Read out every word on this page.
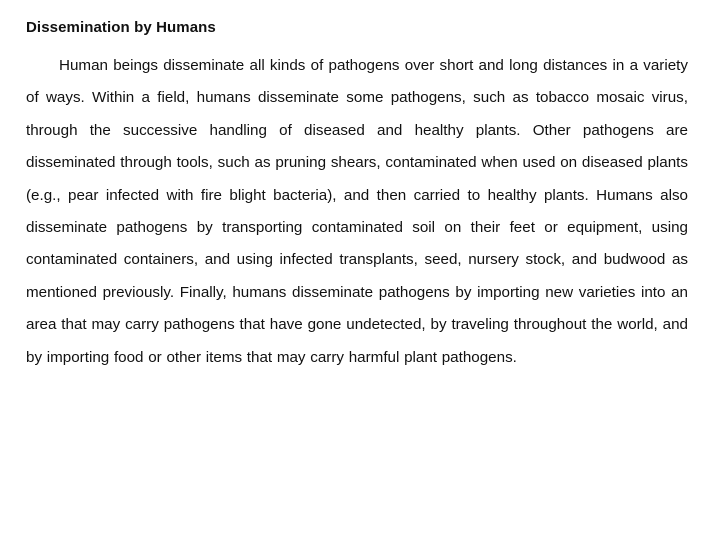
Dissemination by Humans

Human beings disseminate all kinds of pathogens over short and long distances in a variety of ways. Within a field, humans disseminate some pathogens, such as tobacco mosaic virus, through the successive handling of diseased and healthy plants. Other pathogens are disseminated through tools, such as pruning shears, contaminated when used on diseased plants (e.g., pear infected with fire blight bacteria), and then carried to healthy plants. Humans also disseminate pathogens by transporting contaminated soil on their feet or equipment, using contaminated containers, and using infected transplants, seed, nursery stock, and budwood as mentioned previously. Finally, humans disseminate pathogens by importing new varieties into an area that may carry pathogens that have gone undetected, by traveling throughout the world, and by importing food or other items that may carry harmful plant pathogens.
